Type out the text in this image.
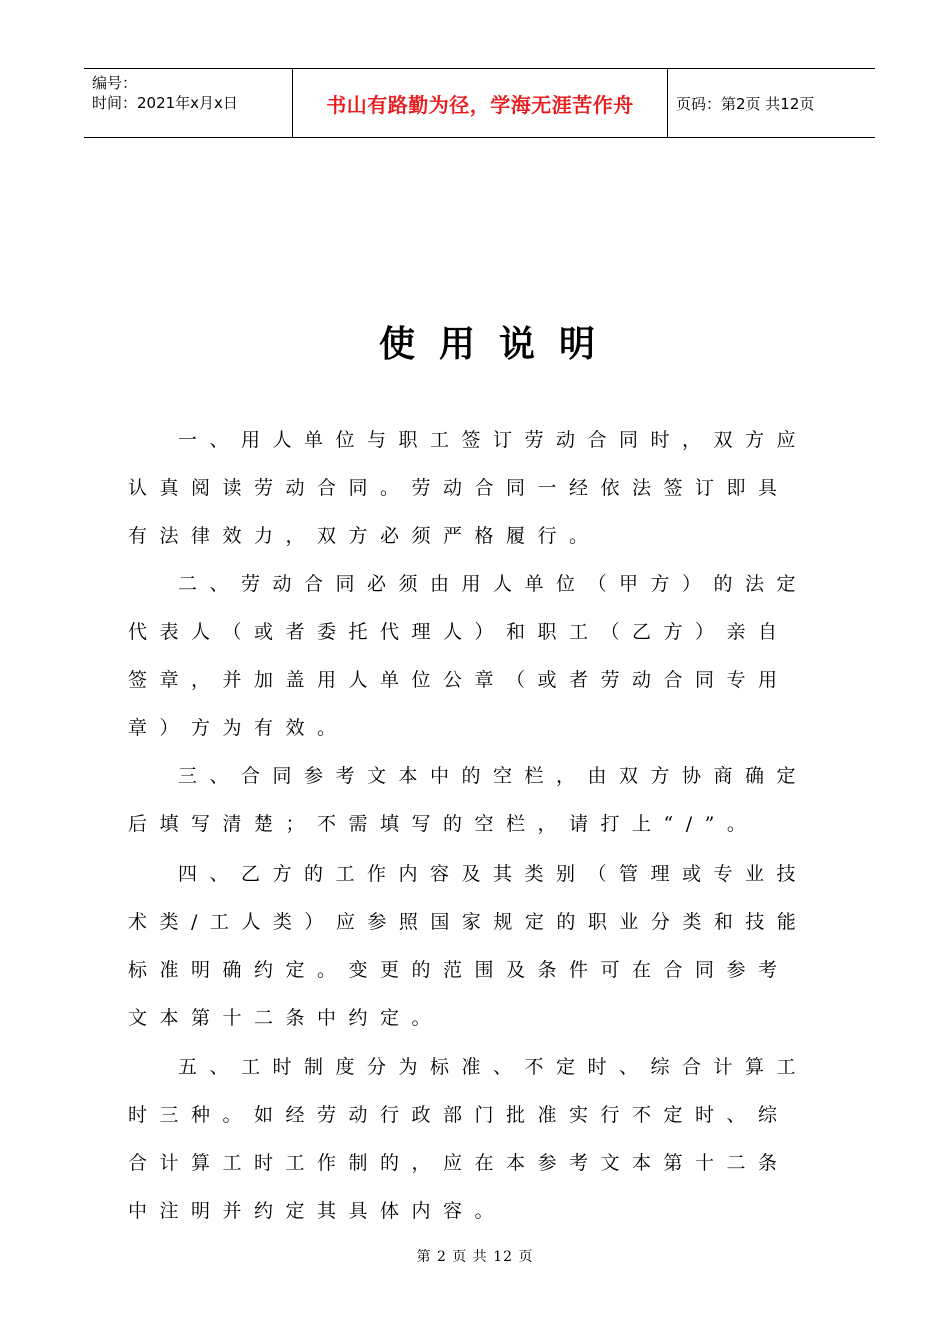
编号：
时间：2021年x月x日	书山有路勤为径，学海无涯苦作舟	页码：第2页 共12页
使用说明
一、用人单位与职工签订劳动合同时，双方应
认真阅读劳动合同。劳动合同一经依法签订即具
有法律效力，双方必须严格履行。
二、劳动合同必须由用人单位（甲方）的法定
代表人（或者委托代理人）和职工（乙方）亲自
签章，并加盖用人单位公章（或者劳动合同专用
章）方为有效。
三、合同参考文本中的空栏，由双方协商确定
后填写清楚；不需填写的空栏，请打上“/”。
四、乙方的工作内容及其类别（管理或专业技
术类/工人类）应参照国家规定的职业分类和技能
标准明确约定。变更的范围及条件可在合同参考
文本第十二条中约定。
五、工时制度分为标准、不定时、综合计算工
时三种。如经劳动行政部门批准实行不定时、综
合计算工时工作制的，应在本参考文本第十二条
中注明并约定其具体内容。
第 2 页 共 12 页
